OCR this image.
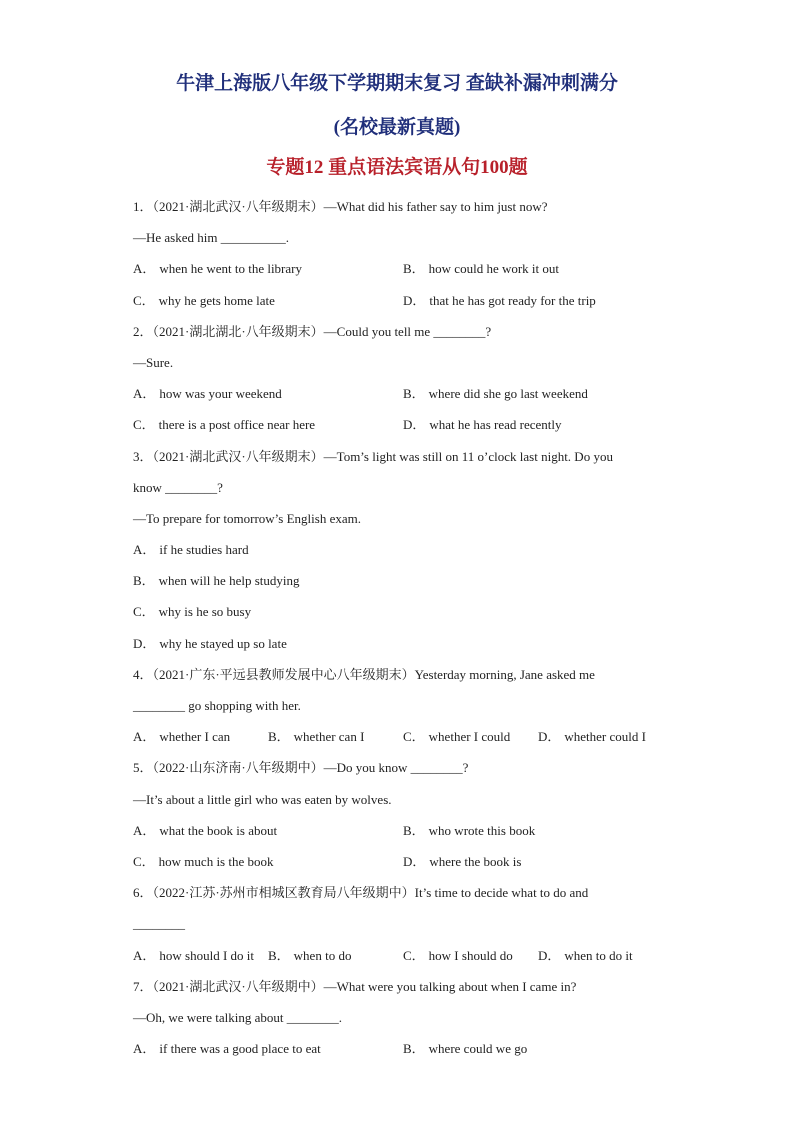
牛津上海版八年级下学期期末复习 查缺补漏冲刺满分
(名校最新真题)
专题12 重点语法宾语从句100题
1．（2021·湖北武汉·八年级期末）—What did his father say to him just now?
—He asked him __________.
A． when he went to the library	B． how could he work it out
C． why he gets home late	D． that he has got ready for the trip
2．（2021·湖北湖北·八年级期末）—Could you tell me ________?
—Sure.
A． how was your weekend	B． where did she go last weekend
C． there is a post office near here	D． what he has read recently
3．（2021·湖北武汉·八年级期末）—Tom’s light was still on 11 o’clock last night. Do you
know ________?
—To prepare for tomorrow’s English exam.
A． if he studies hard
B． when will he help studying
C． why is he so busy
D． why he stayed up so late
4．（2021·广东·平远县教师发展中心八年级期末）Yesterday morning, Jane asked me
________ go shopping with her.
A． whether I can	B． whether can I	C． whether I could	D． whether could I
5．（2022·山东济南·八年级期中）—Do you know ________?
—It’s about a little girl who was eaten by wolves.
A． what the book is about	B． who wrote this book
C． how much is the book	D． where the book is
6．（2022·江苏·苏州市相城区教育局八年级期中）It’s time to decide what to do and
________
A． how should I do it	B． when to do	C． how I should do	D． when to do it
7．（2021·湖北武汉·八年级期中）—What were you talking about when I came in?
—Oh, we were talking about ________.
A． if there was a good place to eat	B． where could we go
